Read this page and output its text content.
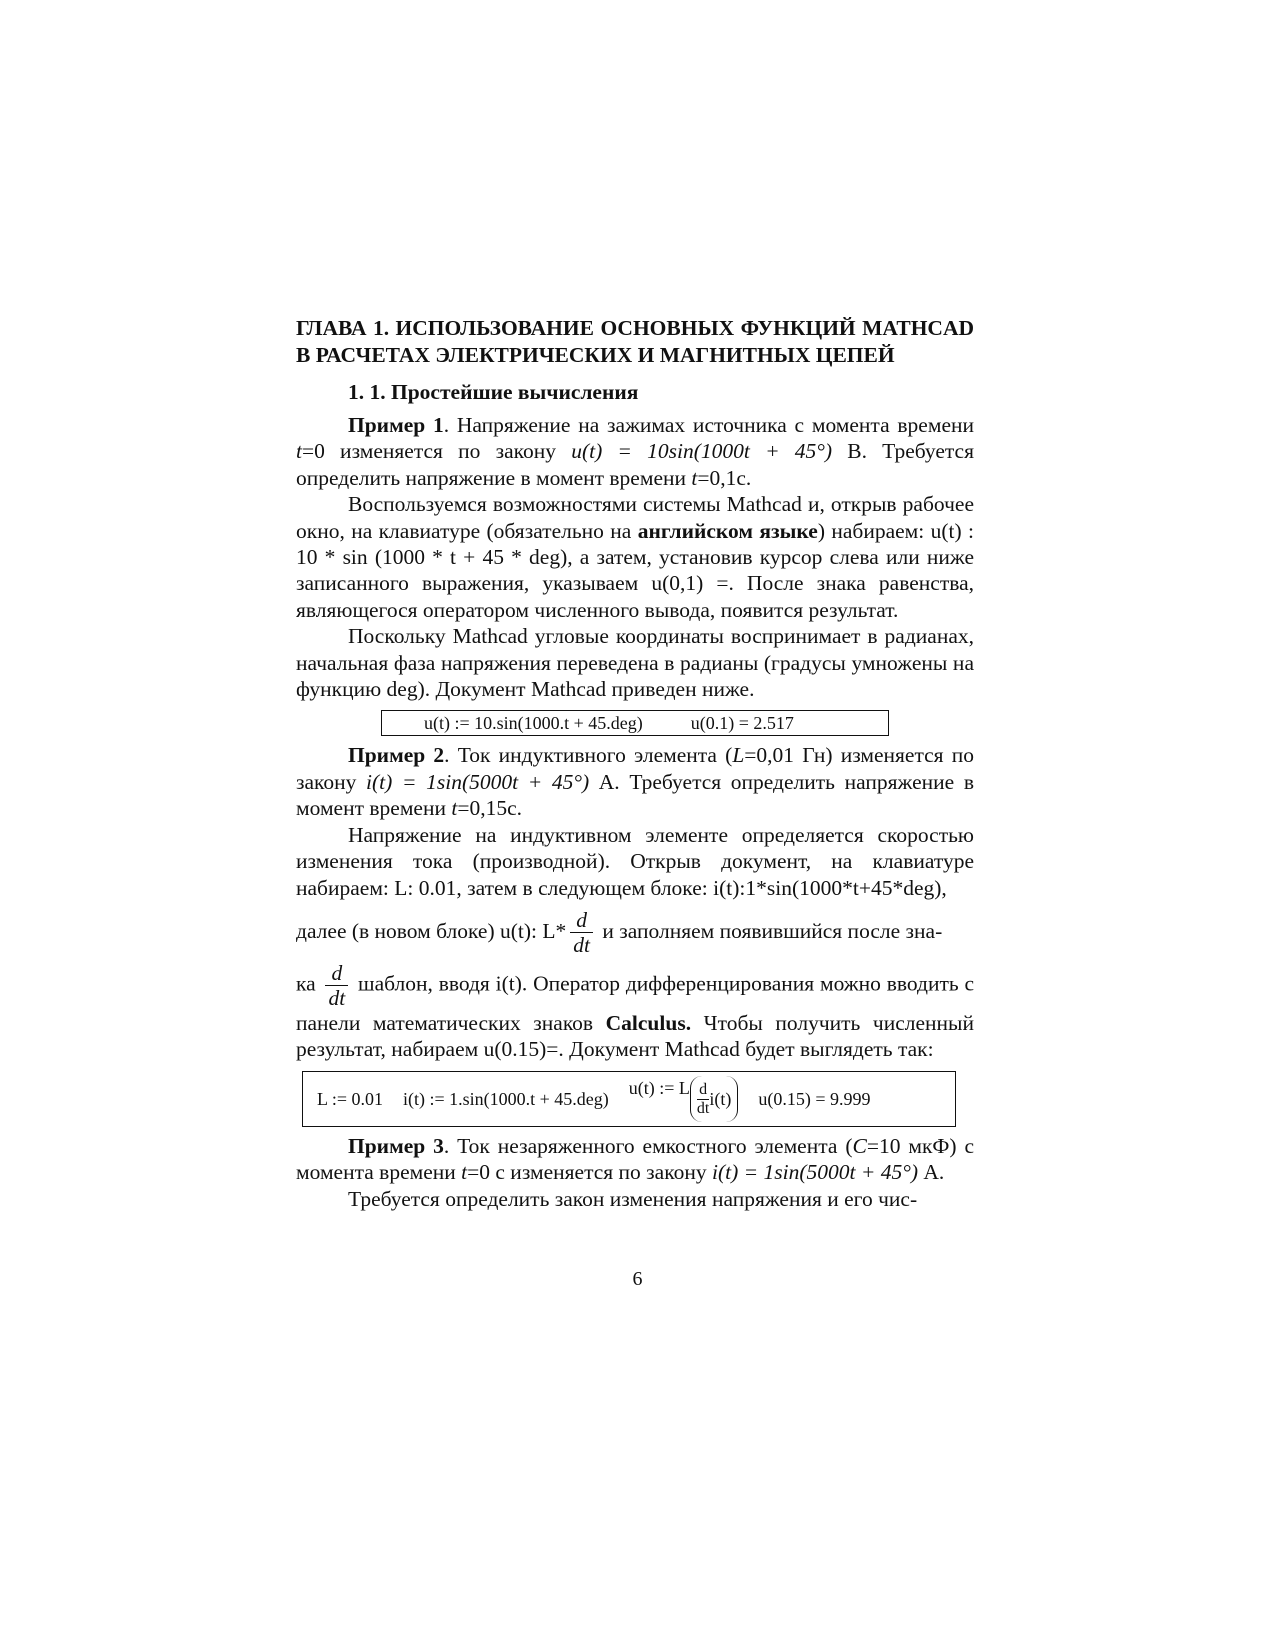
ГЛАВА 1. ИСПОЛЬЗОВАНИЕ ОСНОВНЫХ ФУНКЦИЙ MATHCAD В РАСЧЕТАХ ЭЛЕКТРИЧЕСКИХ И МАГНИТНЫХ ЦЕПЕЙ
1. 1. Простейшие вычисления

Пример 1. Напряжение на зажимах источника с момента времени t=0 изменяется по закону u(t) = 10sin(1000t + 45°) В. Требуется определить напряжение в момент времени t=0,1с.

Воспользуемся возможностями системы Mathcad и, открыв рабочее окно, на клавиатуре (обязательно на английском языке) набираем: u(t) : 10 * sin (1000 * t + 45 * deg), а затем, установив курсор слева или ниже записанного выражения, указываем u(0,1) =. После знака равенства, являющегося оператором численного вывода, появится результат.

Поскольку Mathcad угловые координаты воспринимает в радианах, начальная фаза напряжения переведена в радианы (градусы умножены на функцию deg). Документ Mathcad приведен ниже.

u(t) := 10.sin(1000.t + 45.deg)	u(0.1) = 2.517

Пример 2. Ток индуктивного элемента (L=0,01 Гн) изменяется по закону i(t) = 1sin(5000t + 45°) А. Требуется определить напряжение в момент времени t=0,15с.

Напряжение на индуктивном элементе определяется скоростью изменения тока (производной). Открыв документ, на клавиатуре набираем: L: 0.01, затем в следующем блоке: i(t):1*sin(1000*t+45*deg),

далее (в новом блоке) u(t): $L* \frac{d}{dt}$ и заполняем появившийся после зна-

ка $\frac{d}{dt}$ шаблон, вводя i(t). Оператор дифференцирования можно вводить с панели математических знаков Calculus. Чтобы получить численный результат, набираем u(0.15)=. Документ Mathcad будет выглядеть так:

L := 0.01 i(t) := 1.sin(1000.t + 45.deg)
u(t) := L $\frac{d}{dt} i(t) u(0.15) = 9.999$

Пример 3. Ток незаряженного емкостного элемента (C=10 мкФ) с момента времени t=0 с изменяется по закону i(t) = 1sin(5000t + 45°) А.

Требуется определить закон изменения напряжения и его чис-

6
